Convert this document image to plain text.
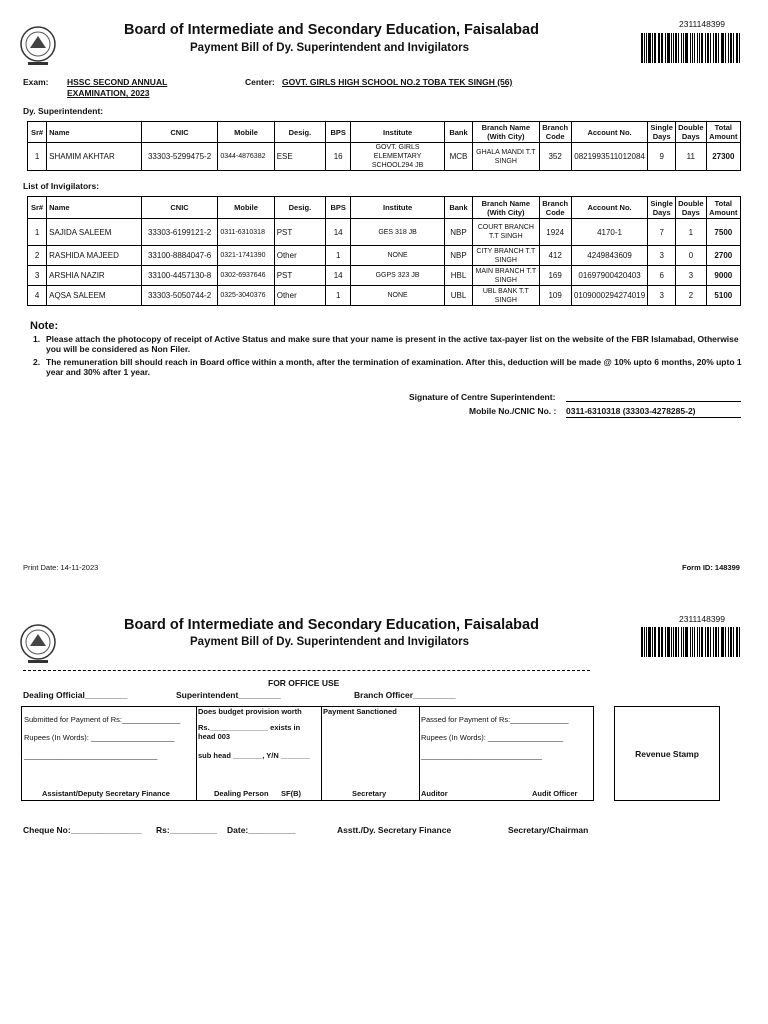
Board of Intermediate and Secondary Education, Faisalabad
Payment Bill of Dy. Superintendent and Invigilators
2311148399
Exam: HSSC SECOND ANNUAL
EXAMINATION, 2023
Center: GOVT. GIRLS HIGH SCHOOL NO.2 TOBA TEK SINGH (56)
Dy. Superintendent:
Sr#	Name	CNIC	Mobile	Desig.	BPS	Institute	Bank	Branch Name (With City)	Branch Code	Account No.	Single Days	Double Days	Total Amount
1	SHAMIM AKHTAR	33303-5299475-2	0344-4876382	ESE	16	GOVT. GIRLS ELEMEMTARY SCHOOL294 JB	MCB	GHALA MANDI T.T SINGH	352	0821993511012084	9	11	27300
List of Invigilators:
Sr#	Name	CNIC	Mobile	Desig.	BPS	Institute	Bank	Branch Name (With City)	Branch Code	Account No.	Single Days	Double Days	Total Amount
1	SAJIDA SALEEM	33303-6199121-2	0311-6310318	PST	14	GES 318 JB	NBP	COURT BRANCH T.T SINGH	1924	4170-1	7	1	7500
2	RASHIDA MAJEED	33100-8884047-6	0321-1741390	Other	1	NONE	NBP	CITY BRANCH T.T SINGH	412	4249843609	3	0	2700
3	ARSHIA NAZIR	33100-4457130-8	0302-6937646	PST	14	GGPS 323 JB	HBL	MAIN BRANCH T.T SINGH	169	01697900420403	6	3	9000
4	AQSA SALEEM	33303-5050744-2	0325-3040376	Other	1	NONE	UBL	UBL BANK T.T SINGH	109	0109000294274019	3	2	5100
Note:
1. Please attach the photocopy of receipt of Active Status and make sure that your name is present in the active tax-payer list on the website of the FBR Islamabad, Otherwise you will be considered as Non Filer.
2. The remuneration bill should reach in Board office within a month, after the termination of examination. After this, deduction will be made @ 10% upto 6 months, 20% upto 1 year and 30% after 1 year.
Signature of Centre Superintendent:
Mobile No./CNIC No. : 0311-6310318 (33303-4278285-2)
Print Date: 14-11-2023	Form ID: 148399
Board of Intermediate and Secondary Education, Faisalabad
Payment Bill of Dy. Superintendent and Invigilators
2311148399
FOR OFFICE USE
Dealing Official_________	Superintendent_________	Branch Officer_________
Submitted for Payment of Rs:______________
Rupees (In Words): ____________________
________________________________
Assistant/Deputy Secretary Finance
Does budget provision worth
Rs.______________ exists in
head 003
sub head _______, Y/N _______
Dealing Person SF(B)
Payment Sanctioned
Secretary
Passed for Payment of Rs:______________
Rupees (In Words): __________________
_____________________________
Auditor	Audit Officer
Revenue Stamp
Cheque No:_______________ Rs:__________ Date:__________	Asstt./Dy. Secretary Finance	Secretary/Chairman
